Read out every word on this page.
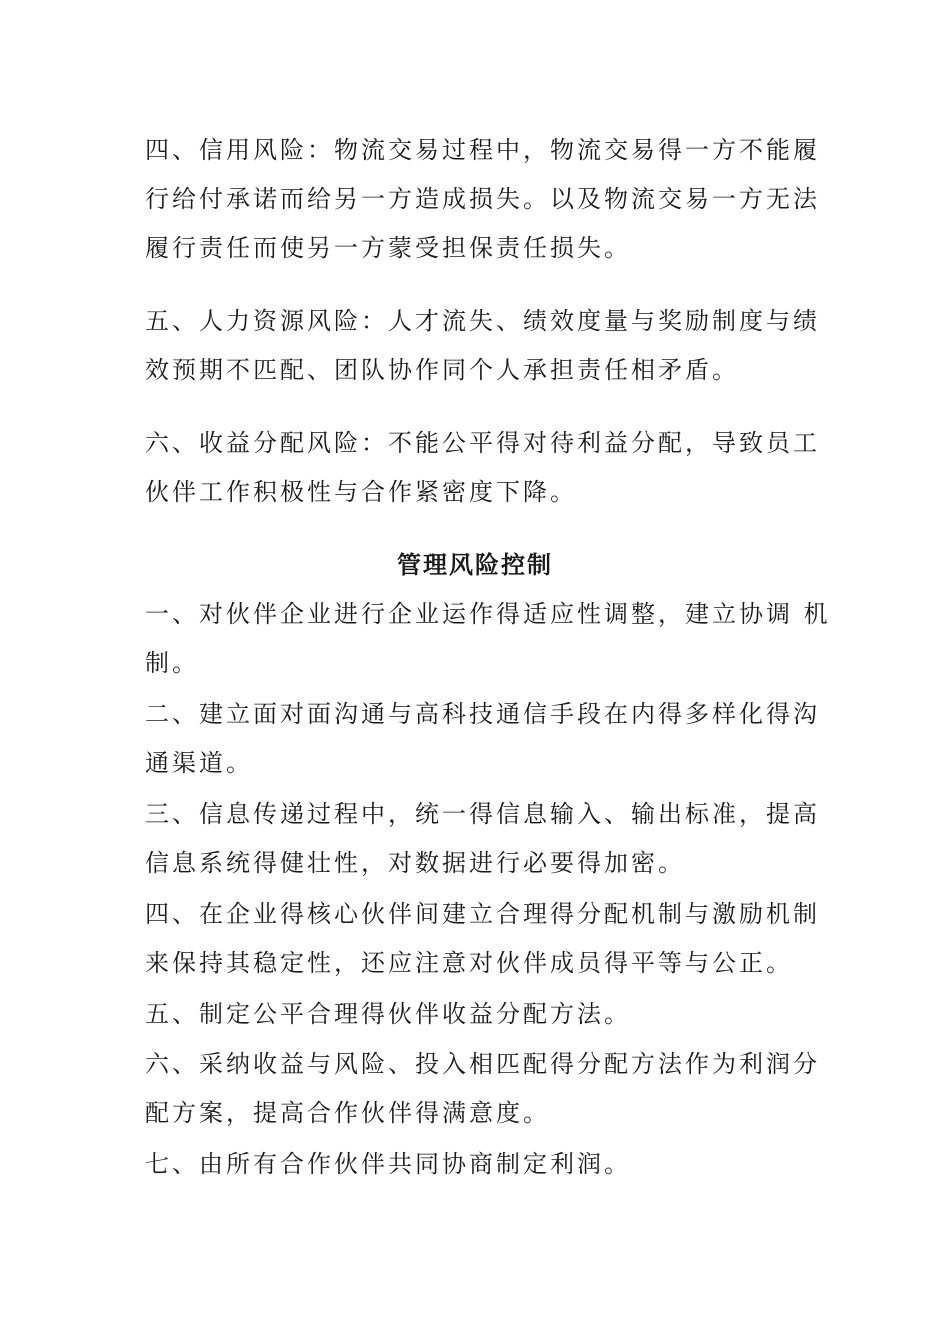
四、信用风险：物流交易过程中，物流交易得一方不能履
行给付承诺而给另一方造成损失。以及物流交易一方无法
履行责任而使另一方蒙受担保责任损失。

五、人力资源风险：人才流失、绩效度量与奖励制度与绩
效预期不匹配、团队协作同个人承担责任相矛盾。

六、收益分配风险：不能公平得对待利益分配，导致员工
伙伴工作积极性与合作紧密度下降。

管理风险控制

一、对伙伴企业进行企业运作得适应性调整，建立协调 机
制。

二、建立面对面沟通与高科技通信手段在内得多样化得沟
通渠道。

三、信息传递过程中，统一得信息输入、输出标准，提高
信息系统得健壮性，对数据进行必要得加密。

四、在企业得核心伙伴间建立合理得分配机制与激励机制
来保持其稳定性，还应注意对伙伴成员得平等与公正。

五、制定公平合理得伙伴收益分配方法。

六、采纳收益与风险、投入相匹配得分配方法作为利润分
配方案，提高合作伙伴得满意度。

七、由所有合作伙伴共同协商制定利润。
